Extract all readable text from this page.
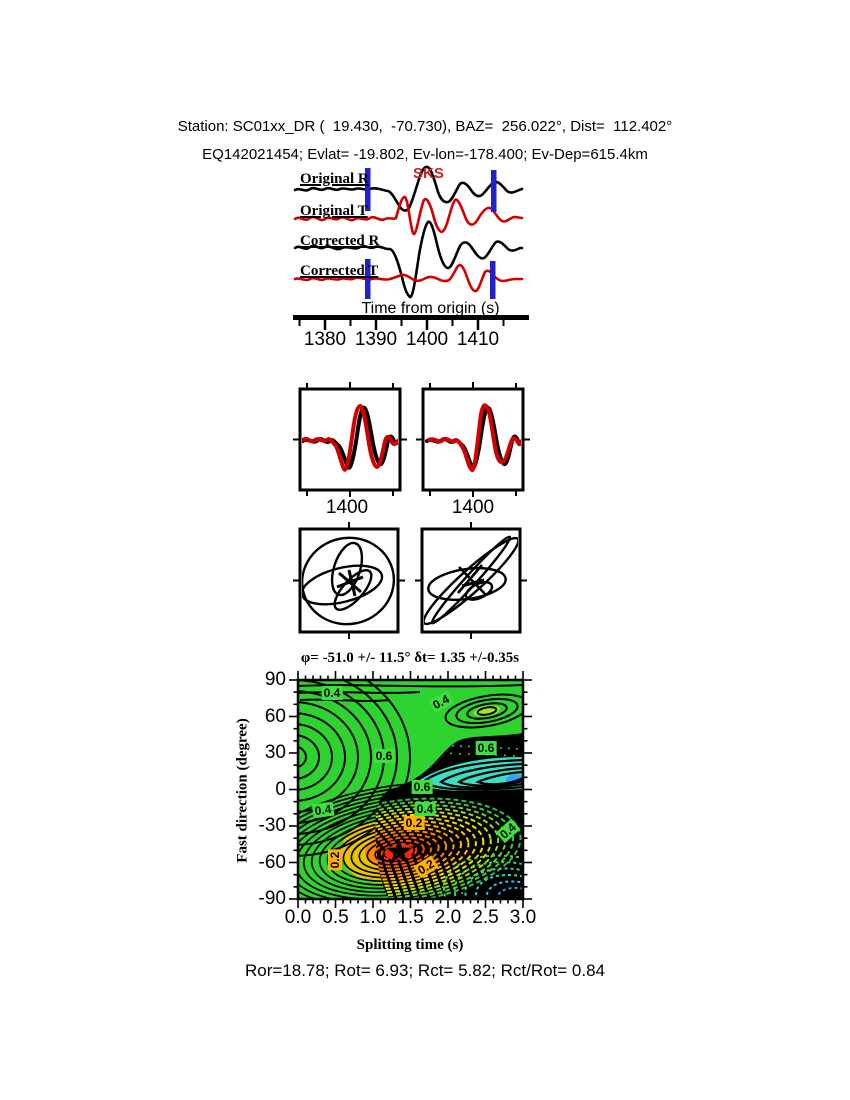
Station: SC01xx_DR (  19.430,  -70.730), BAZ=  256.022°, Dist=  112.402°
EQ142021454; Evlat= -19.802, Ev-lon=-178.400; Ev-Dep=615.4km
Original R
Original T
Corrected R
Corrected T
SKS
Time from origin (s)
1380 1390 1400 1410
1400	1400
φ= -51.0 +/- 11.5° δt= 1.35 +/-0.35s
Fast direction (degree)
90
60
30
0
-30
-60
-90
0.0 0.5 1.0 1.5 2.0 2.5 3.0
Splitting time (s)
Ror=18.78; Rot= 6.93; Rct= 5.82; Rct/Rot= 0.84
0.4	0.4
0.6
0.6
0.6
0.4
0.2
0.4
0.2	0.2
0.4
